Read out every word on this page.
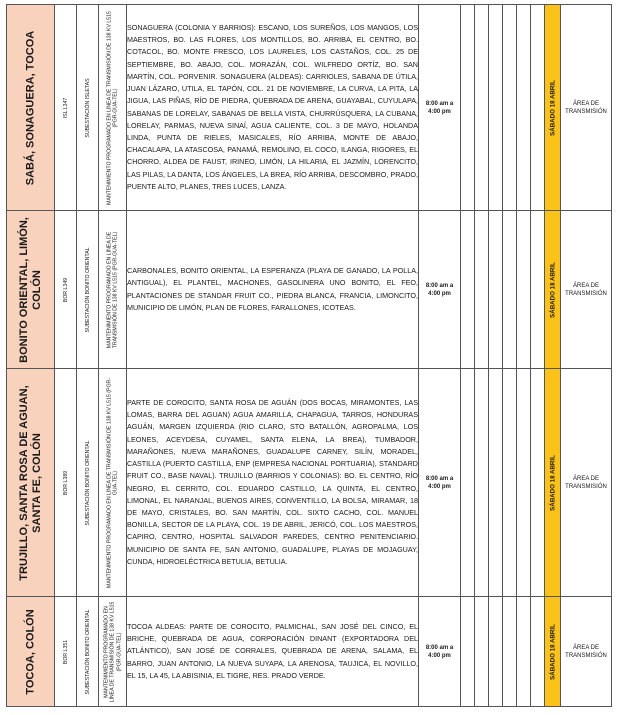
SABÁ, SONAGUERA, TOCOA	ISL L347	SUBESTACIÓN ISLETAS	MANTENIMIENTO PROGRAMADO EN LÍNEA DE TRANSMISIÓN DE 138 KV L515 (PGR-GUA-TEL)	SONAGUERA (COLONIA Y BARRIOS): ESCANO, LOS SUREÑOS, LOS MANGOS, LOS MAESTROS, BO. LAS FLORES, LOS MONTILLOS, BO. ARRIBA, EL CENTRO, BO. COTACOL, BO. MONTE FRESCO, LOS LAURELES, LOS CASTAÑOS, COL. 25 DE SEPTIEMBRE, BO. ABAJO, COL. MORAZÁN, COL. WILFREDO ORTÍZ, BO. SAN MARTÍN, COL. PORVENIR. SONAGUERA (ALDEAS): CARRIOLES, SABANA DE ÚTILA, JUAN LÁZARO, UTILA, EL TAPÓN, COL. 21 DE NOVIEMBRE, LA CURVA, LA PITA, LA JIGUA, LAS PIÑAS, RÍO DE PIEDRA, QUEBRADA DE ARENA, GUAYABAL, CUYULAPA, SABANAS DE LORELAY, SABANAS DE BELLA VISTA, CHURRÚSQUERA, LA CUBANA, LORELAY, PARMAS, NUEVA SINAÍ, AGUA CALIENTE, COL. 3 DE MAYO, HOLANDA LINDA, PUNTA DE RIELES, MASICALES, RÍO ARRIBA, MONTE DE ABAJO, CHACALAPA, LA ATASCOSA, PANAMÁ, REMOLINO, EL COCO, ILANGA, RIGORES, EL CHORRO, ALDEA DE FAUST, IRINEO, LIMÓN, LA HILARIA, EL JAZMÍN, LORENCITO, LAS PILAS, LA DANTA, LOS ÁNGELES, LA BREA, RÍO ARRIBA, DESCOMBRO, PRADO, PUENTE ALTO, PLANES, TRES LUCES, LANZA.	8:00 am a 4:00 pm							SÁBADO 18 ABRIL	ÁREA DE TRANSMISIÓN

BONITO ORIENTAL, LIMÓN, COLÓN	BOR L349	SUBESTACIÓN BONITO ORIENTAL	MANTENIMIENTO PROGRAMADO EN LÍNEA DE TRANSMISIÓN DE 138 KV L515 (PGR-GUA-TEL)	CARBONALES, BONITO ORIENTAL, LA ESPERANZA (PLAYA DE GANADO, LA POLLA, ANTIGUAL), EL PLANTEL, MACHONES, GASOLINERA UNO BONITO, EL FEO, PLANTACIONES DE STANDAR FRUIT CO., PIEDRA BLANCA, FRANCIA, LIMONCITO, MUNICIPIO DE LIMÓN, PLAN DE FLORES, FARALLONES, ICOTEAS.	8:00 am a 4:00 pm							SÁBADO 18 ABRIL	ÁREA DE TRANSMISIÓN

TRUJILLO, SANTA ROSA DE AGUAN, SANTA FE, COLÓN	BOR L389	SUBESTACIÓN BONITO ORIENTAL	MANTENIMIENTO PROGRAMADO EN LÍNEA DE TRANSMISIÓN DE 138 KV L515 (PGR-GUA-TEL)	PARTE DE COROCITO, SANTA ROSA DE AGUÁN (DOS BOCAS, MIRAMONTES, LAS LOMAS, BARRA DEL AGUAN) AGUA AMARILLA, CHAPAGUA, TARROS, HONDURAS AGUÁN, MARGEN IZQUIERDA (RIO CLARO, STO BATALLÓN, AGROPALMA, LOS LEONES, ACEYDESA, CUYAMEL, SANTA ELENA, LA BREA), TUMBADOR, MARAÑONES, NUEVA MARAÑONES, GUADALUPE CARNEY, SILÍN, MORADEL, CASTILLA (PUERTO CASTILLA, ENP (EMPRESA NACIONAL PORTUARIA), STANDARD FRUIT CO., BASE NAVAL). TRUJILLO (BARRIOS Y COLONIAS): BO. EL CENTRO, RÍO NEGRO, EL CERRITO, COL. EDUARDO CASTILLO, LA QUINTA, EL CENTRO, LIMONAL, EL NARANJAL, BUENOS AIRES, CONVENTILLO, LA BOLSA, MIRAMAR, 18 DE MAYO, CRISTALES, BO. SAN MARTÍN, COL. SIXTO CACHO, COL. MANUEL BONILLA, SECTOR DE LA PLAYA, COL. 19 DE ABRIL, JERICÓ, COL. LOS MAESTROS, CAPIRO, CENTRO, HOSPITAL SALVADOR PAREDES, CENTRO PENITENCIARIO. MUNICIPIO DE SANTA FE, SAN ANTONIO, GUADALUPE, PLAYAS DE MOJAGUAY, CUNDA, HIDROELÉCTRICA BETULIA, BETULIA.	8:00 am a 4:00 pm							SÁBADO 18 ABRIL	ÁREA DE TRANSMISIÓN

TOCOA, COLÓN	BOR L351	SUBESTACIÓN BONITO ORIENTAL	MANTENIMIENTO PROGRAMADO EN LÍNEA DE TRANSMISIÓN DE 138 KV L515 (PGR-GUA-TEL)	TOCOA ALDEAS: PARTE DE COROCITO, PALMICHAL, SAN JOSÉ DEL CINCO, EL BRICHE, QUEBRADA DE AGUA, CORPORACIÓN DINANT (EXPORTADORA DEL ATLÁNTICO), SAN JOSÉ DE CORRALES, QUEBRADA DE ARENA, SALAMA, EL BARRO, JUAN ANTONIO, LA NUEVA SUYAPA, LA ARENOSA, TAUJICA, EL NOVILLO, EL 15, LA 45, LA ABISINIA, EL TIGRE, RES. PRADO VERDE.	8:00 am a 4:00 pm							SÁBADO 18 ABRIL	ÁREA DE TRANSMISIÓN
